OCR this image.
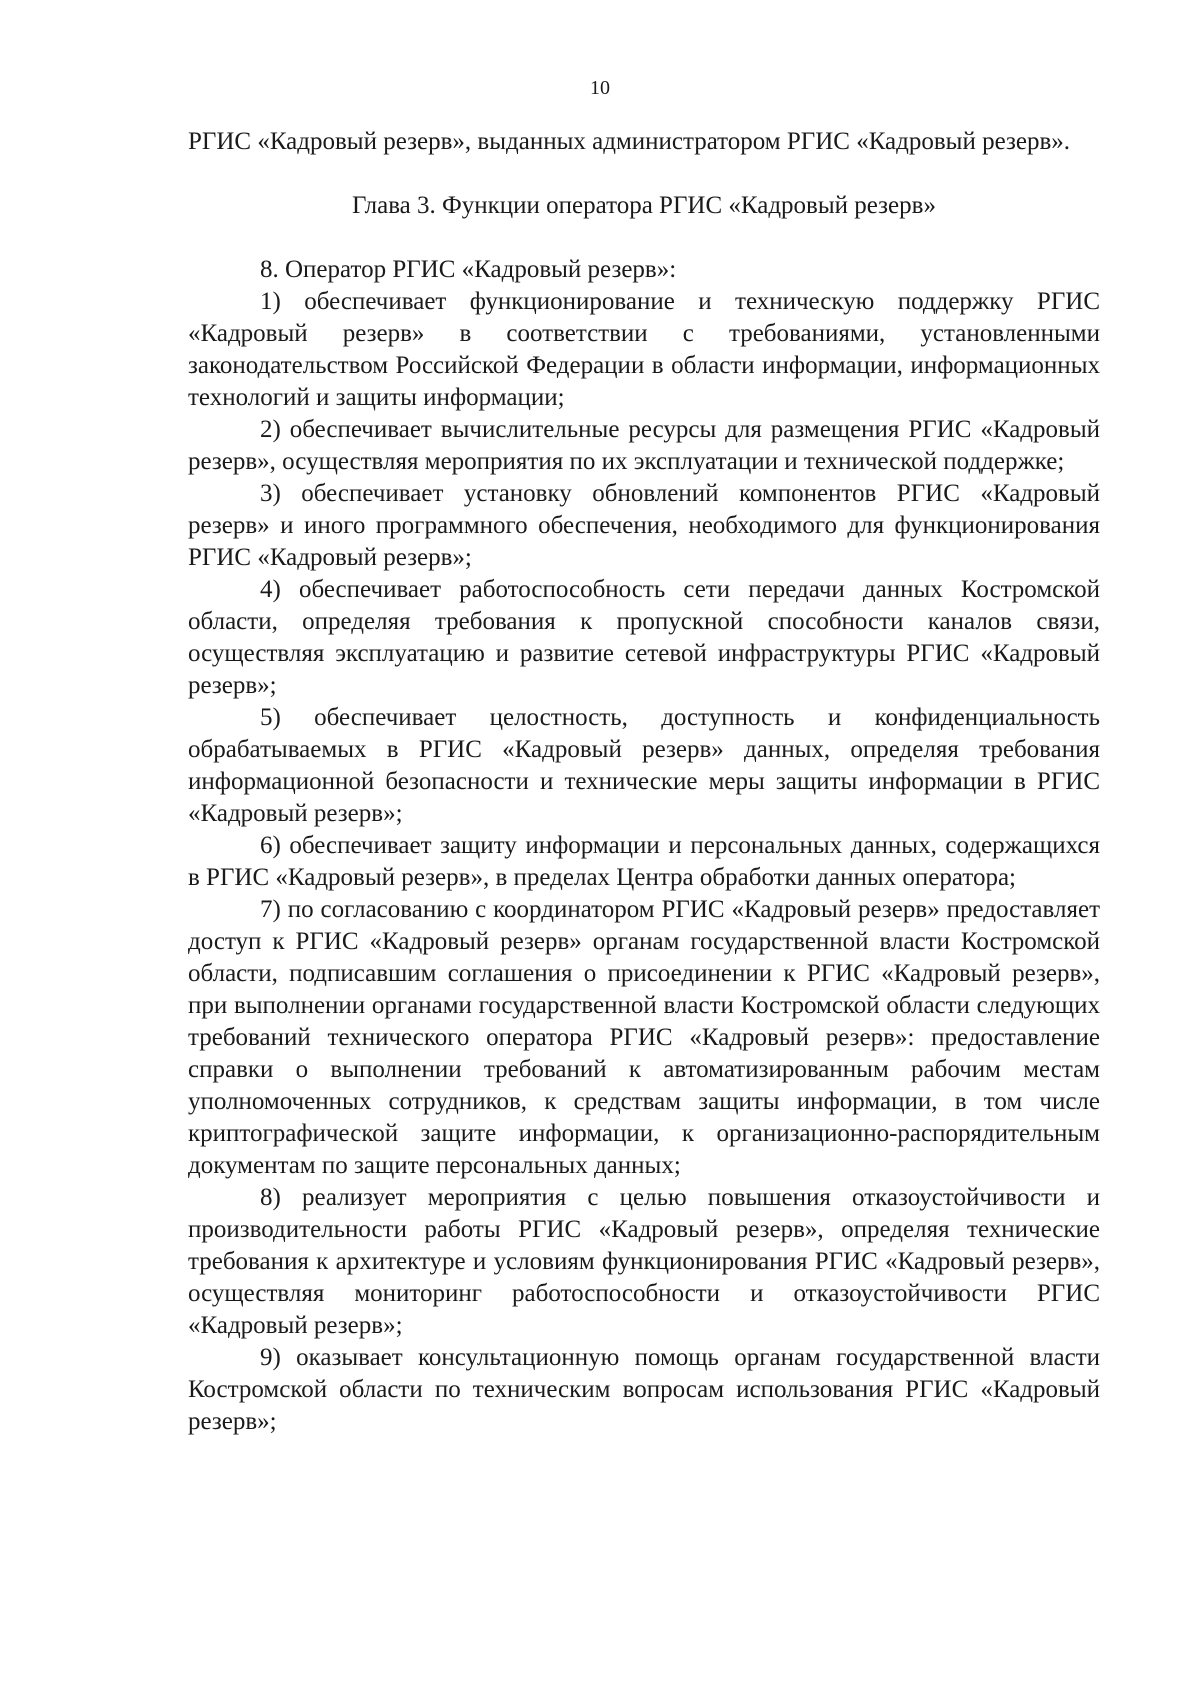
10

РГИС «Кадровый резерв», выданных администратором РГИС «Кадровый резерв».

Глава 3. Функции оператора РГИС «Кадровый резерв»

8. Оператор РГИС «Кадровый резерв»:

1) обеспечивает функционирование и техническую поддержку РГИС «Кадровый резерв» в соответствии с требованиями, установленными законодательством Российской Федерации в области информации, информационных технологий и защиты информации;

2) обеспечивает вычислительные ресурсы для размещения РГИС «Кадровый резерв», осуществляя мероприятия по их эксплуатации и технической поддержке;

3) обеспечивает установку обновлений компонентов РГИС «Кадровый резерв» и иного программного обеспечения, необходимого для функционирования РГИС «Кадровый резерв»;

4) обеспечивает работоспособность сети передачи данных Костромской области, определяя требования к пропускной способности каналов связи, осуществляя эксплуатацию и развитие сетевой инфраструктуры РГИС «Кадровый резерв»;

5) обеспечивает целостность, доступность и конфиденциальность обрабатываемых в РГИС «Кадровый резерв» данных, определяя требования информационной безопасности и технические меры защиты информации в РГИС «Кадровый резерв»;

6) обеспечивает защиту информации и персональных данных, содержащихся в РГИС «Кадровый резерв», в пределах Центра обработки данных оператора;

7) по согласованию с координатором РГИС «Кадровый резерв» предоставляет доступ к РГИС «Кадровый резерв» органам государственной власти Костромской области, подписавшим соглашения о присоединении к РГИС «Кадровый резерв», при выполнении органами государственной власти Костромской области следующих требований технического оператора РГИС «Кадровый резерв»: предоставление справки о выполнении требований к автоматизированным рабочим местам уполномоченных сотрудников, к средствам защиты информации, в том числе криптографической защите информации, к организационно-распорядительным документам по защите персональных данных;

8) реализует мероприятия с целью повышения отказоустойчивости и производительности работы РГИС «Кадровый резерв», определяя технические требования к архитектуре и условиям функционирования РГИС «Кадровый резерв», осуществляя мониторинг работоспособности и отказоустойчивости РГИС «Кадровый резерв»;

9) оказывает консультационную помощь органам государственной власти Костромской области по техническим вопросам использования РГИС «Кадровый резерв»;
